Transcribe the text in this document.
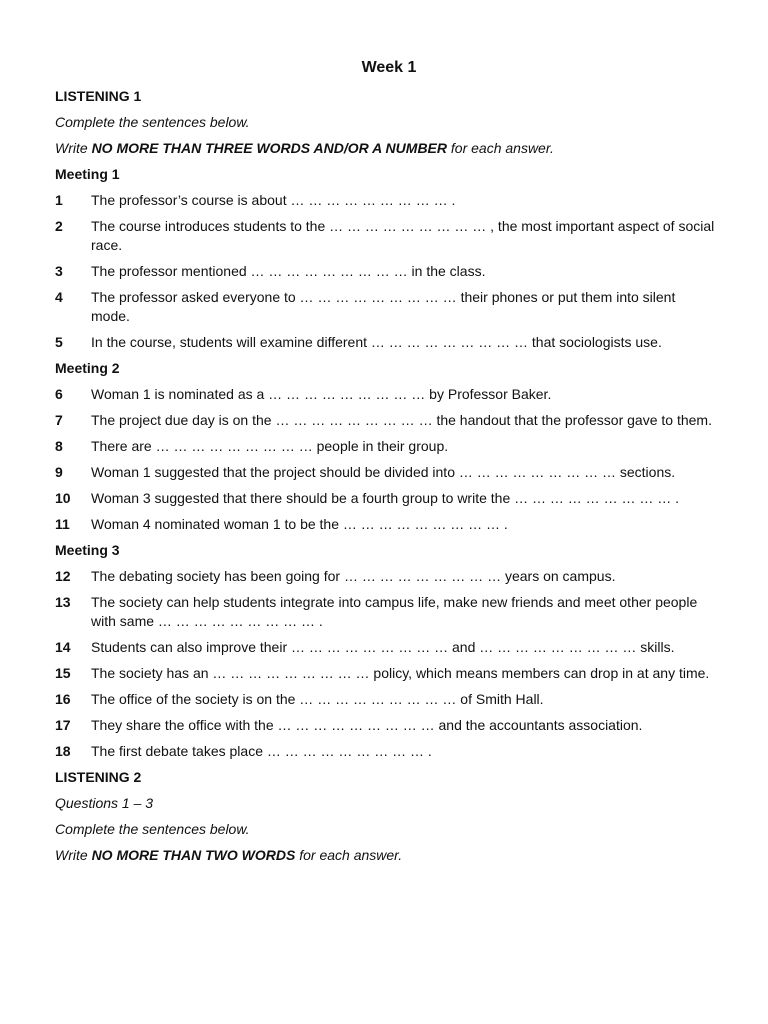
Week 1
LISTENING 1
Complete the sentences below.
Write NO MORE THAN THREE WORDS AND/OR A NUMBER for each answer.
Meeting 1
1	The professor’s course is about … … … … … … … … … .
2	The course introduces students to the … … … … … … … … … , the most important aspect of social race.
3	The professor mentioned … … … … … … … … … in the class.
4	The professor asked everyone to … … … … … … … … … their phones or put them into silent mode.
5	In the course, students will examine different … … … … … … … … … that sociologists use.
Meeting 2
6	Woman 1 is nominated as a … … … … … … … … … by Professor Baker.
7	The project due day is on the … … … … … … … … … the handout that the professor gave to them.
8	There are … … … … … … … … … people in their group.
9	Woman 1 suggested that the project should be divided into … … … … … … … … … sections.
10	Woman 3 suggested that there should be a fourth group to write the … … … … … … … … … .
11	Woman 4 nominated woman 1 to be the … … … … … … … … … .
Meeting 3
12	The debating society has been going for … … … … … … … … … years on campus.
13	The society can help students integrate into campus life, make new friends and meet other people with same … … … … … … … … … .
14	Students can also improve their … … … … … … … … … and … … … … … … … … … skills.
15	The society has an … … … … … … … … … policy, which means members can drop in at any time.
16	The office of the society is on the … … … … … … … … … of Smith Hall.
17	They share the office with the … … … … … … … … … and the accountants association.
18	The first debate takes place … … … … … … … … … .
LISTENING 2
Questions 1 – 3
Complete the sentences below.
Write NO MORE THAN TWO WORDS for each answer.
